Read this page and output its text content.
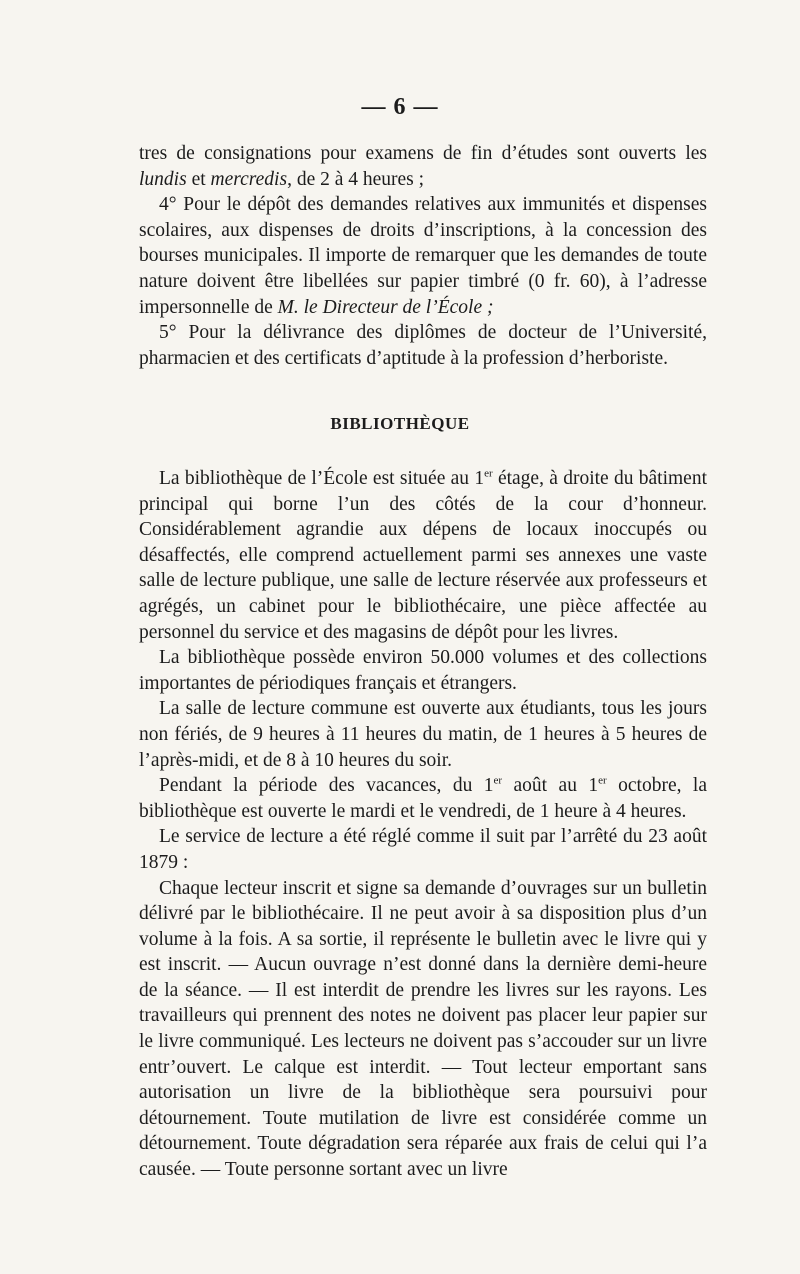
— 6 —

tres de consignations pour examens de fin d’études sont ouverts les lundis et mercredis, de 2 à 4 heures ;

4° Pour le dépôt des demandes relatives aux immunités et dispenses scolaires, aux dispenses de droits d’inscriptions, à la concession des bourses municipales. Il importe de remarquer que les demandes de toute nature doivent être libellées sur papier timbré (0 fr. 60), à l’adresse impersonnelle de M. le Directeur de l’École ;

5° Pour la délivrance des diplômes de docteur de l’Université, pharmacien et des certificats d’aptitude à la profession d’herboriste.

BIBLIOTHÈQUE

La bibliothèque de l’École est située au 1er étage, à droite du bâtiment principal qui borne l’un des côtés de la cour d’honneur. Considérablement agrandie aux dépens de locaux inoccupés ou désaffectés, elle comprend actuellement parmi ses annexes une vaste salle de lecture publique, une salle de lecture réservée aux professeurs et agrégés, un cabinet pour le bibliothécaire, une pièce affectée au personnel du service et des magasins de dépôt pour les livres.

La bibliothèque possède environ 50.000 volumes et des collections importantes de périodiques français et étrangers.

La salle de lecture commune est ouverte aux étudiants, tous les jours non fériés, de 9 heures à 11 heures du matin, de 1 heures à 5 heures de l’après-midi, et de 8 à 10 heures du soir.

Pendant la période des vacances, du 1er août au 1er octobre, la bibliothèque est ouverte le mardi et le vendredi, de 1 heure à 4 heures.

Le service de lecture a été réglé comme il suit par l’arrêté du 23 août 1879 :

Chaque lecteur inscrit et signe sa demande d’ouvrages sur un bulletin délivré par le bibliothécaire. Il ne peut avoir à sa disposition plus d’un volume à la fois. A sa sortie, il représente le bulletin avec le livre qui y est inscrit. — Aucun ouvrage n’est donné dans la dernière demi-heure de la séance. — Il est interdit de prendre les livres sur les rayons. Les travailleurs qui prennent des notes ne doivent pas placer leur papier sur le livre communiqué. Les lecteurs ne doivent pas s’accouder sur un livre entr’ouvert. Le calque est interdit. — Tout lecteur emportant sans autorisation un livre de la bibliothèque sera poursuivi pour détournement. Toute mutilation de livre est considérée comme un détournement. Toute dégradation sera réparée aux frais de celui qui l’a causée. — Toute personne sortant avec un livre
